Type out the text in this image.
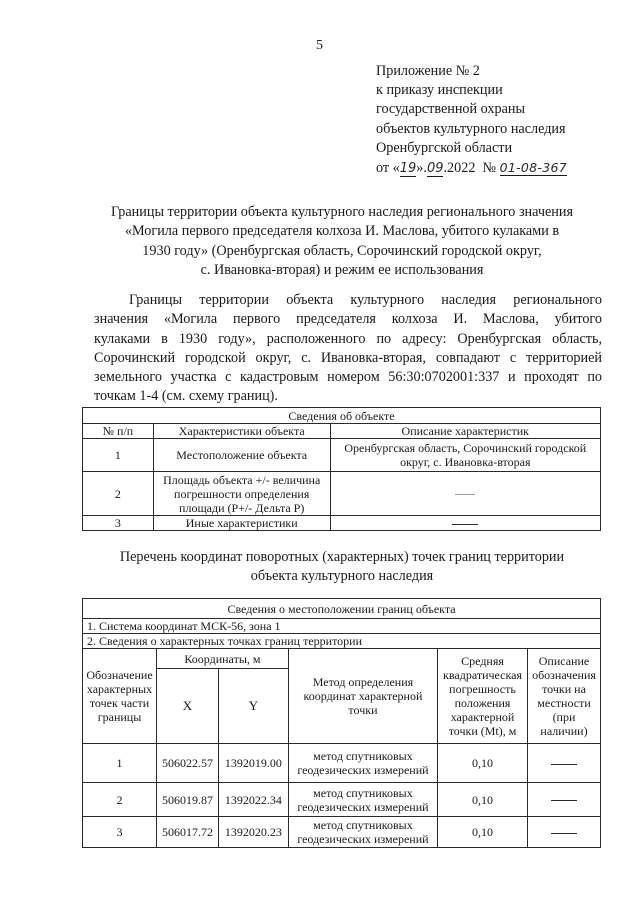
5
Приложение № 2
к приказу инспекции
государственной охраны
объектов культурного наследия
Оренбургской области
от «19».09.2022 № 01-08-367
Границы территории объекта культурного наследия регионального значения
«Могила первого председателя колхоза И. Маслова, убитого кулаками в
1930 году» (Оренбургская область, Сорочинский городской округ,
с. Ивановка-вторая) и режим ее использования
Границы территории объекта культурного наследия регионального
значения «Могила первого председателя колхоза И. Маслова, убитого
кулаками в 1930 году», расположенного по адресу: Оренбургская область,
Сорочинский городской округ, с. Ивановка-вторая, совпадают с территорией
земельного участка с кадастровым номером 56:30:0702001:337 и проходят по
точкам 1-4 (см. схему границ).
Сведения об объекте		
№ п/п	Характеристики объекта	Описание характеристик
1	Местоположение объекта	Оренбургская область, Сорочинский городской округ, с. Ивановка-вторая
2	Площадь объекта +/- величина погрешности определения площади (Р+/- Дельта Р)	
3	Иные характеристики	
Перечень координат поворотных (характерных) точек границ территории
объекта культурного наследия
Сведения о местоположении границ объекта					
1. Система координат МСК-56, зона 1					
2. Сведения о характерных точках границ территории					
Обозначение характерных точек части границы	Координаты, м		Метод определения координат характерной точки	Средняя квадратическая погрешность положения характерной точки (Mt), м	Описание обозначения точки на местности (при наличии)
	X	Y			
1	506022.57	1392019.00	метод спутниковых геодезических измерений	0,10	
2	506019.87	1392022.34	метод спутниковых геодезических измерений	0,10	
3	506017.72	1392020.23	метод спутниковых геодезических измерений	0,10	
